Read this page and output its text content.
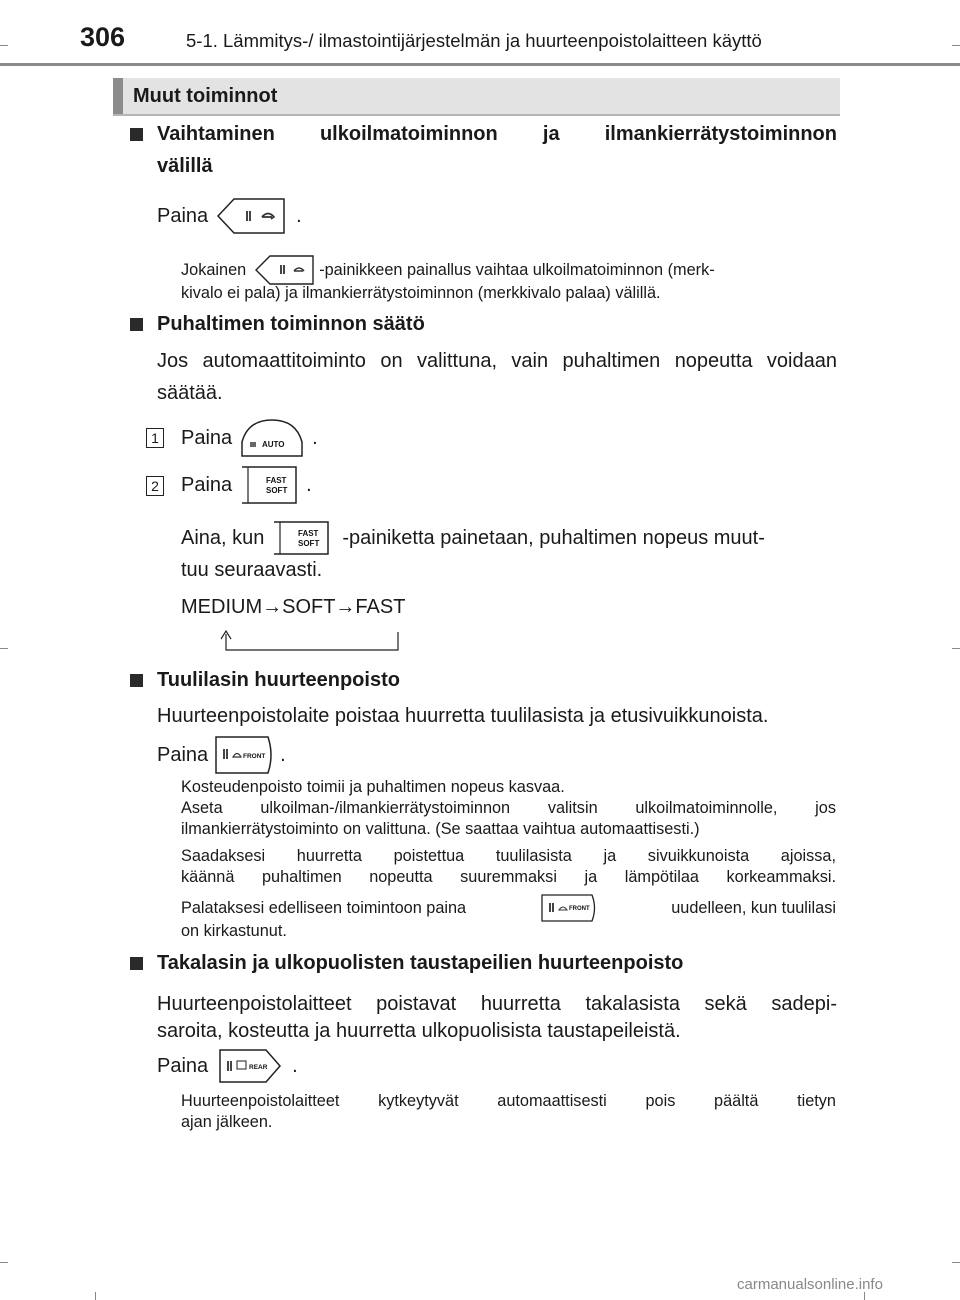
306	5-1. Lämmitys-/ ilmastointijärjestelmän ja huurteenpoistolaitteen käyttö
Muut toiminnot
Vaihtaminen ulkoilmatoiminnon ja ilmankierrätystoiminnon
välillä
Paina	.
Jokainen	-painikkeen painallus vaihtaa ulkoilmatoiminnon (merk-
kivalo ei pala) ja ilmankierrätystoiminnon (merkkivalo palaa) välillä.
Puhaltimen toiminnon säätö
Jos automaattitoiminto on valittuna, vain puhaltimen nopeutta voidaan
säätää.
1 Paina	AUTO .
2 Paina	FAST
SOFT .
Aina, kun	FAST
SOFT -painiketta painetaan, puhaltimen nopeus muut-
tuu seuraavasti.
MEDIUM→SOFT→FAST
Tuulilasin huurteenpoisto
Huurteenpoistolaite poistaa huurretta tuulilasista ja etusivuikkunoista.
Paina	FRONT .
Kosteudenpoisto toimii ja puhaltimen nopeus kasvaa.
Aseta ulkoilman-/ilmankierrätystoiminnon valitsin ulkoilmatoiminnolle, jos
ilmankierrätystoiminto on valittuna. (Se saattaa vaihtua automaattisesti.)
Saadaksesi huurretta poistettua tuulilasista ja sivuikkunoista ajoissa,
käännä puhaltimen nopeutta suuremmaksi ja lämpötilaa korkeammaksi.
Palataksesi edelliseen toimintoon paina	FRONT	uudelleen, kun tuulilasi
on kirkastunut.
Takalasin ja ulkopuolisten taustapeilien huurteenpoisto
Huurteenpoistolaitteet poistavat huurretta takalasista sekä sadepi-
saroita, kosteutta ja huurretta ulkopuolisista taustapeileistä.
Paina	REAR .
Huurteenpoistolaitteet kytkeytyvät automaattisesti pois päältä tietyn
ajan jälkeen.
carmanualsonline.info
